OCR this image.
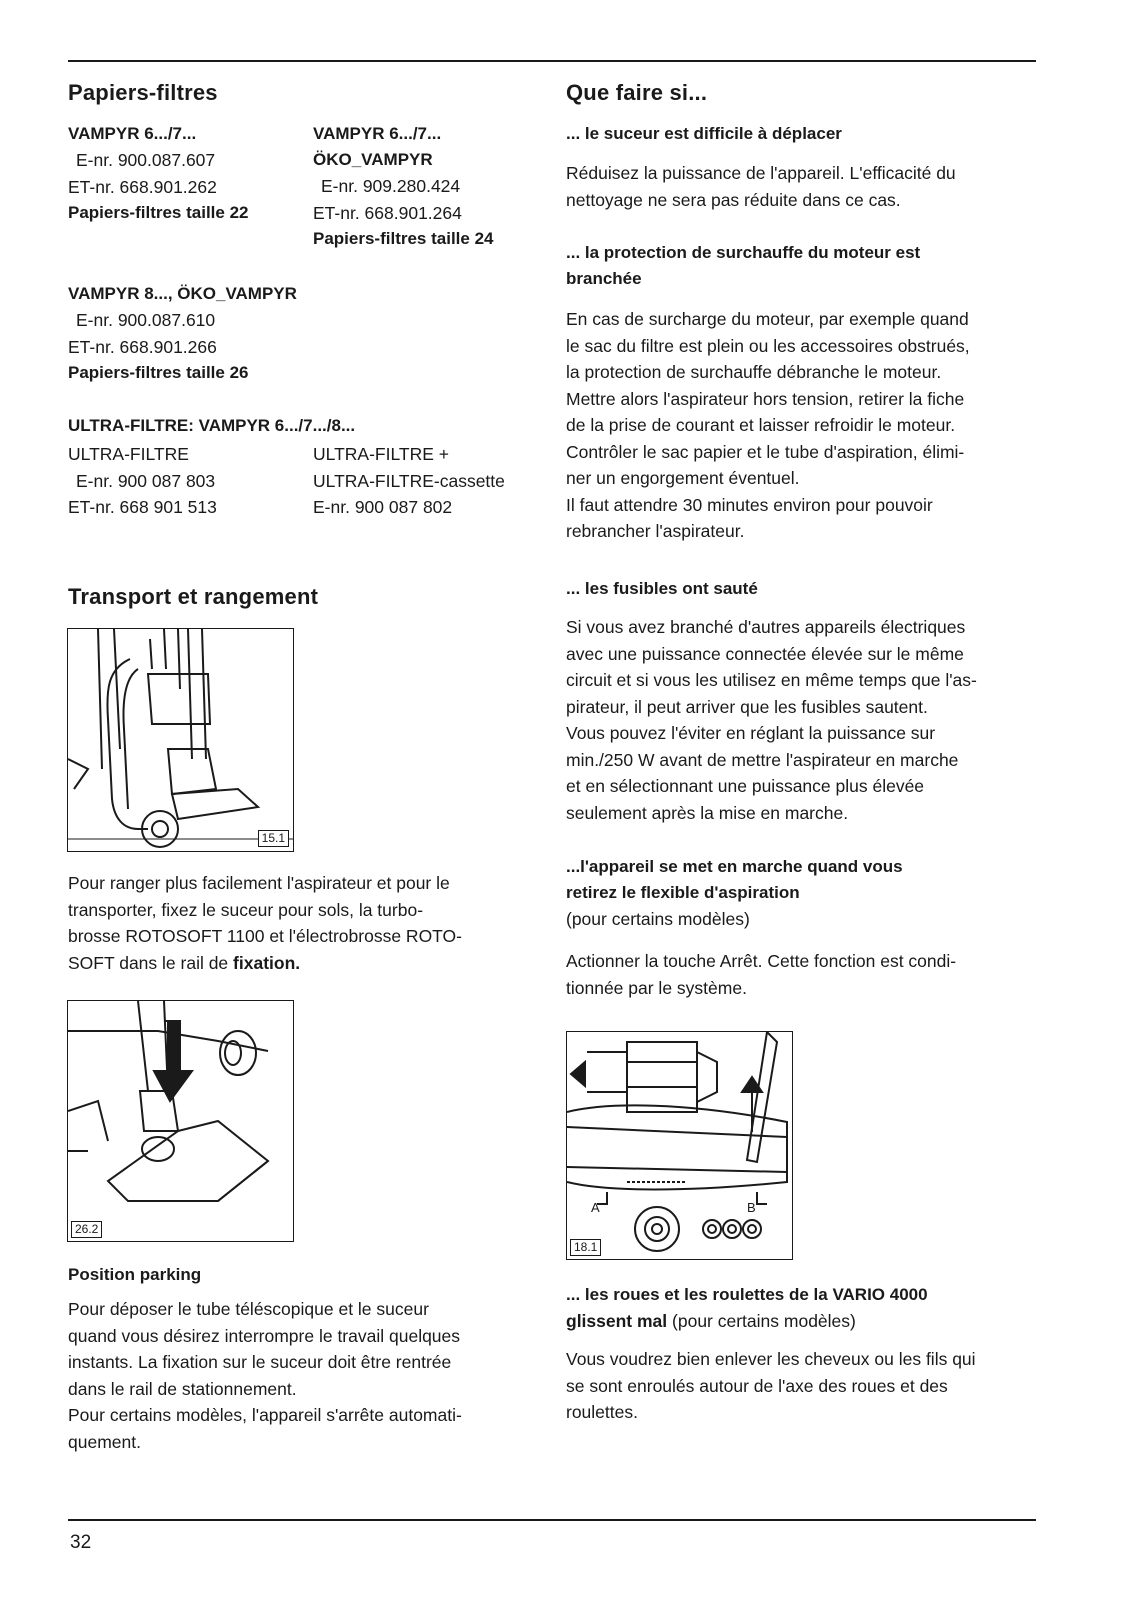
Papiers-filtres
VAMPYR 6.../7...
E-nr. 900.087.607
ET-nr. 668.901.262
Papiers-filtres taille 22
VAMPYR 6.../7...
ÖKO_VAMPYR
E-nr. 909.280.424
ET-nr. 668.901.264
Papiers-filtres taille 24
VAMPYR 8..., ÖKO_VAMPYR
E-nr. 900.087.610
ET-nr. 668.901.266
Papiers-filtres taille 26
ULTRA-FILTRE: VAMPYR 6.../7.../8...
ULTRA-FILTRE
E-nr. 900 087 803
ET-nr. 668 901 513
ULTRA-FILTRE +
ULTRA-FILTRE-cassette
E-nr. 900 087 802
Transport et rangement
15.1
Pour ranger plus facilement l'aspirateur et pour le
transporter, fixez le suceur pour sols, la turbo-
brosse ROTOSOFT 1100 et l'électrobrosse ROTO-
SOFT dans le rail de fixation.
26.2
Position parking
Pour déposer le tube téléscopique et le suceur
quand vous désirez interrompre le travail quelques
instants. La fixation sur le suceur doit être rentrée
dans le rail de stationnement.
Pour certains modèles, l'appareil s'arrête automati-
quement.
Que faire si...
... le suceur est difficile à déplacer
Réduisez la puissance de l'appareil. L'efficacité du
nettoyage ne sera pas réduite dans ce cas.
... la protection de surchauffe du moteur est
branchée
En cas de surcharge du moteur, par exemple quand
le sac du filtre est plein ou les accessoires obstrués,
la protection de surchauffe débranche le moteur.
Mettre alors l'aspirateur hors tension, retirer la fiche
de la prise de courant et laisser refroidir le moteur.
Contrôler le sac papier et le tube d'aspiration, élimi-
ner un engorgement éventuel.
Il faut attendre 30 minutes environ pour pouvoir
rebrancher l'aspirateur.
... les fusibles ont sauté
Si vous avez branché d'autres appareils électriques
avec une puissance connectée élevée sur le même
circuit et si vous les utilisez en même temps que l'as-
pirateur, il peut arriver que les fusibles sautent.
Vous pouvez l'éviter en réglant la puissance sur
min./250 W avant de mettre l'aspirateur en marche
et en sélectionnant une puissance plus élevée
seulement après la mise en marche.
...l'appareil se met en marche quand vous
retirez le flexible d'aspiration
(pour certains modèles)
Actionner la touche Arrêt. Cette fonction est condi-
tionnée par le système.
A	B
18.1
... les roues et les roulettes de la VARIO 4000
glissent mal (pour certains modèles)
Vous voudrez bien enlever les cheveux ou les fils qui
se sont enroulés autour de l'axe des roues et des
roulettes.
32
